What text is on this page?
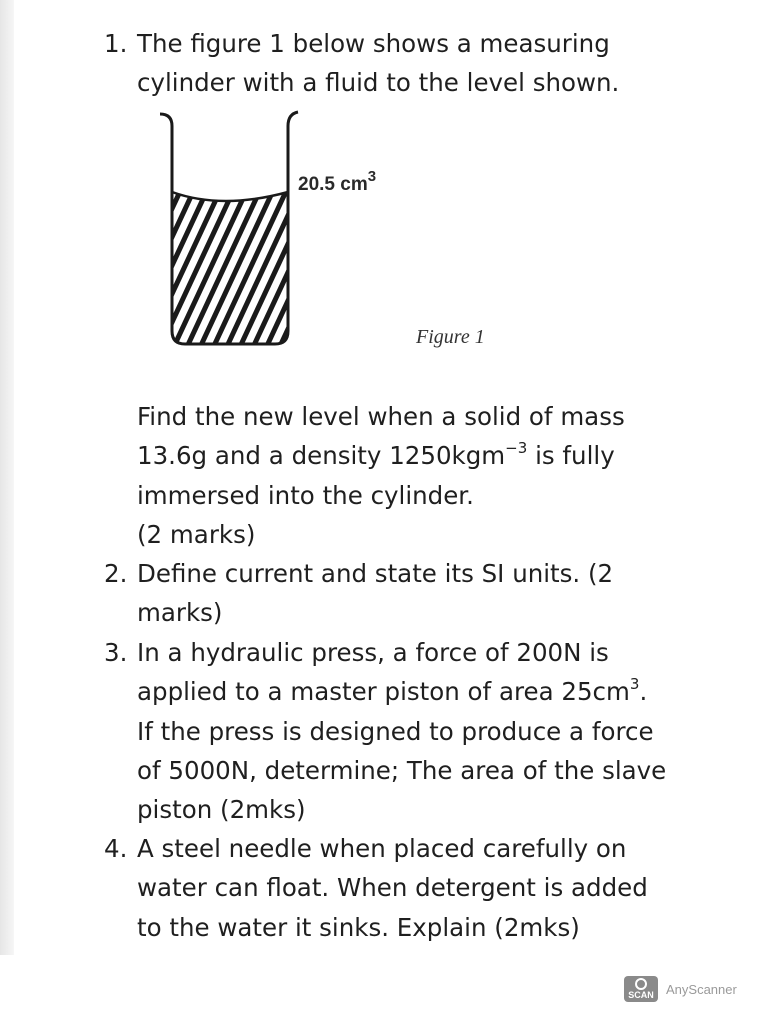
1. The figure 1 below shows a measuring
cylinder with a fluid to the level shown.
20.5 $cm^3$
Figure 1
Find the new level when a solid of mass
13.6g and a density 1250kgm$^{-3}$ is fully
immersed into the cylinder.
(2 marks)
2. Define current and state its SI units. (2
marks)
3. In a hydraulic press, a force of 200N is
applied to a master piston of area $25cm^3$.
If the press is designed to produce a force
of 5000N, determine; The area of the slave
piston (2mks)
4. A steel needle when placed carefully on
water can float. When detergent is added
to the water it sinks. Explain (2mks)
SCAN AnyScanner
